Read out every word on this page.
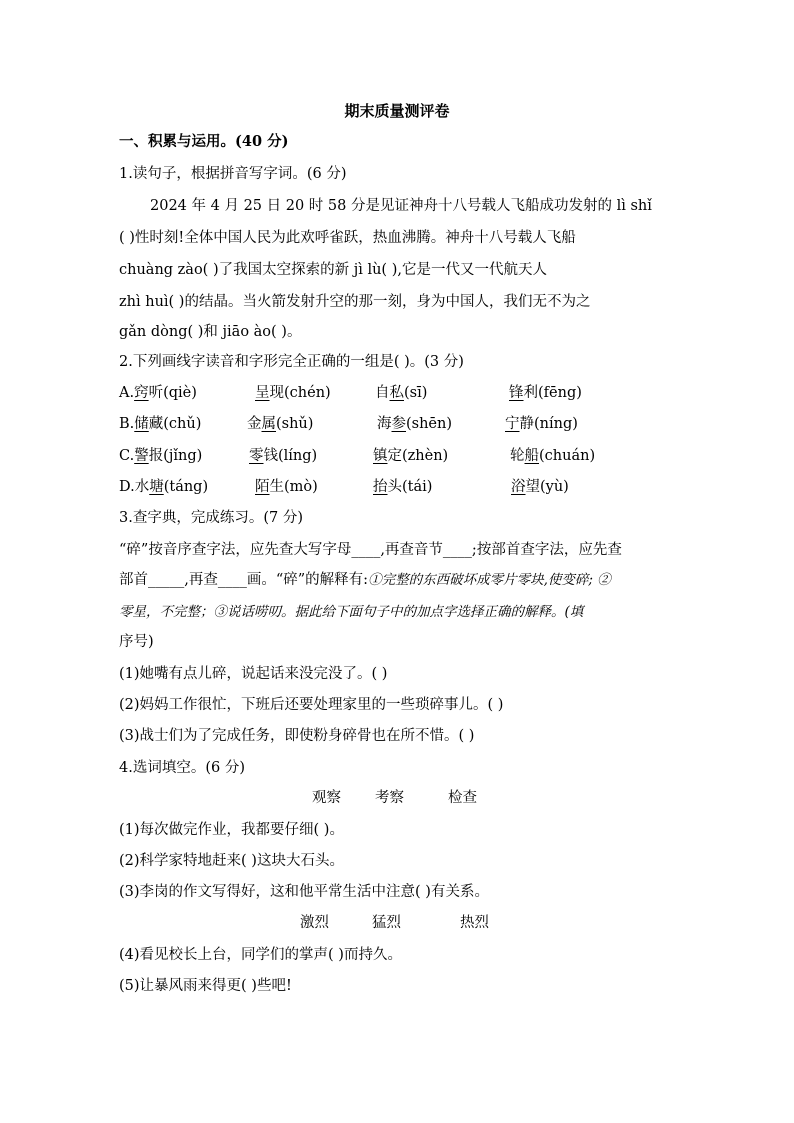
期末质量测评卷
一、积累与运用。(40 分)
1.读句子，根据拼音写字词。(6 分)
2024 年 4 月 25 日 20 时 58 分是见证神舟十八号载人飞船成功发射的 lì shǐ
( )性时刻!全体中国人民为此欢呼雀跃，热血沸腾。神舟十八号载人飞船
chuàng zào( )了我国太空探索的新 jì lù( ),它是一代又一代航天人
zhì huì( )的结晶。当火箭发射升空的那一刻，身为中国人，我们无不为之
gǎn dòng( )和 jiāo ào( )。
2.下列画线字读音和字形完全正确的一组是( )。(3 分)
A.窍听(qiè)	呈现(chén)	自私(sī)	锋利(fēng)
B.储藏(chǔ)	金属(shǔ)	海参(shēn)	宁静(níng)
C.警报(jǐng)	零钱(líng)	镇定(zhèn)	轮船(chuán)
D.水塘(táng)	陌生(mò)	抬头(tái)	浴望(yù)
3.查字典，完成练习。(7 分)
“碎”按音序查字法，应先查大写字母____,再查音节____;按部首查字法，应先查
部首_____,再查____画。“碎”的解释有:①完整的东西破坏成零片零块,使变碎; ②
零星，不完整；③说话唠叨。据此给下面句子中的加点字选择正确的解释。(填
序号)
(1)她嘴有点儿碎，说起话来没完没了。( )
(2)妈妈工作很忙，下班后还要处理家里的一些琐碎事儿。( )
(3)战士们为了完成任务，即使粉身碎骨也在所不惜。( )
4.选词填空。(6 分)
观察 考察	检查
(1)每次做完作业，我都要仔细( )。
(2)科学家特地赶来( )这块大石头。
(3)李岗的作文写得好，这和他平常生活中注意( )有关系。
激烈	猛烈	热烈
(4)看见校长上台，同学们的掌声( )而持久。
(5)让暴风雨来得更( )些吧!
